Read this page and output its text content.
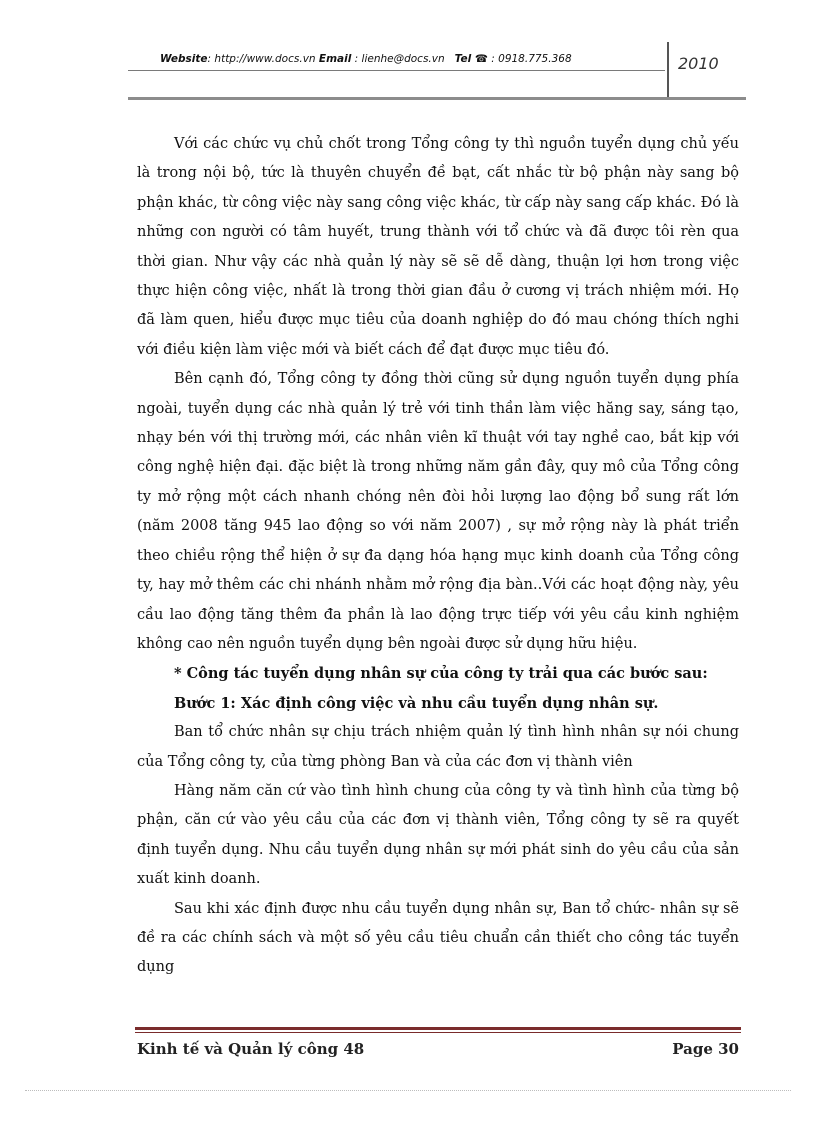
Website: http://www.docs.vn Email : lienhe@docs.vn Tel ☎ : 0918.775.368	2010

Với các chức vụ chủ chốt trong Tổng công ty thì nguồn tuyển dụng chủ yếu là trong nội bộ, tức là thuyên chuyển đề bạt, cất nhắc từ bộ phận này sang bộ phận khác, từ công việc này sang công việc khác, từ cấp này sang cấp khác. Đó là những con người có tâm huyết, trung thành với tổ chức và đã được tôi rèn qua thời gian. Như vậy các nhà quản lý này sẽ sẽ dễ dàng, thuận lợi hơn trong việc thực hiện công việc, nhất là trong thời gian đầu ở cương vị trách nhiệm mới. Họ đã làm quen, hiểu được mục tiêu của doanh nghiệp do đó mau chóng thích nghi với điều kiện làm việc mới và biết cách để đạt được mục tiêu đó.

Bên cạnh đó, Tổng công ty đồng thời cũng sử dụng nguồn tuyển dụng phía ngoài, tuyển dụng các nhà quản lý trẻ với tinh thần làm việc hăng say, sáng tạo, nhạy bén với thị trường mới, các nhân viên kĩ thuật với tay nghề cao, bắt kịp với công nghệ hiện đại. đặc biệt là trong những năm gần đây, quy mô của Tổng công ty mở rộng một cách nhanh chóng nên đòi hỏi lượng lao động bổ sung rất lớn (năm 2008 tăng 945 lao động so với năm 2007) , sự mở rộng này là phát triển theo chiều rộng thể hiện ở sự đa dạng hóa hạng mục kinh doanh của Tổng công ty, hay mở thêm các chi nhánh nhằm mở rộng địa bàn..Với các hoạt động này, yêu cầu lao động tăng thêm đa phần là lao động trực tiếp với yêu cầu kinh nghiệm không cao nên nguồn tuyển dụng bên ngoài được sử dụng hữu hiệu.

* Công tác tuyển dụng nhân sự của công ty trải qua các bước sau:

Bước 1: Xác định công việc và nhu cầu tuyển dụng nhân sự.

Ban tổ chức nhân sự chịu trách nhiệm quản lý tình hình nhân sự nói chung của Tổng công ty, của từng phòng Ban và của các đơn vị thành viên

Hàng năm căn cứ vào tình hình chung của công ty và tình hình của từng bộ phận, căn cứ vào yêu cầu của các đơn vị thành viên, Tổng công ty sẽ ra quyết định tuyển dụng. Nhu cầu tuyển dụng nhân sự mới phát sinh do yêu cầu của sản xuất kinh doanh.

Sau khi xác định được nhu cầu tuyển dụng nhân sự, Ban tổ chức- nhân sự sẽ đề ra các chính sách và một số yêu cầu tiêu chuẩn cần thiết cho công tác tuyển dụng

Kinh tế và Quản lý công 48	Page 30
